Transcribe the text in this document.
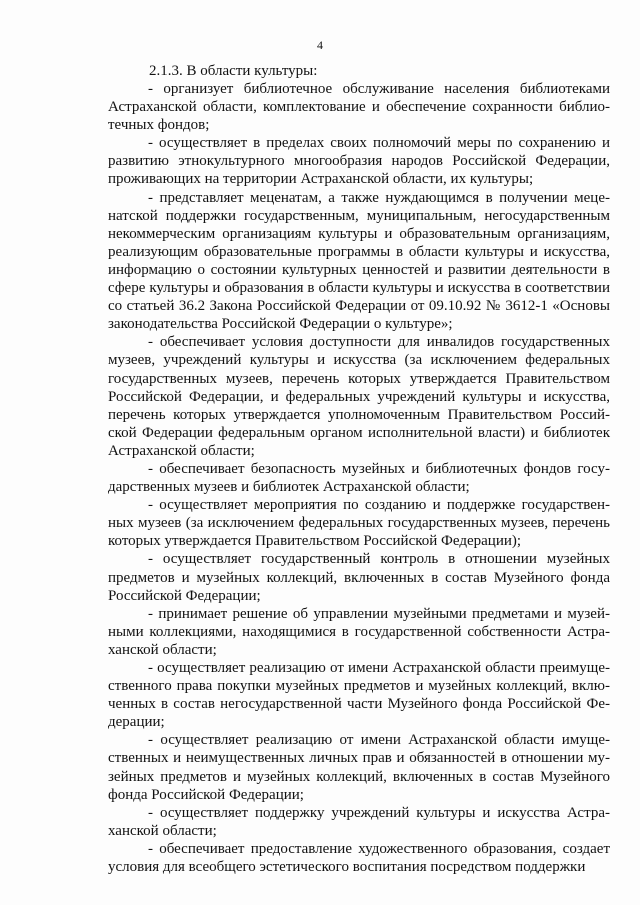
4
2.1.3. В области культуры:

- организует библиотечное обслуживание населения библиотеками Астраханской области, комплектование и обеспечение сохранности библиотечных фондов;

- осуществляет в пределах своих полномочий меры по сохранению и развитию этнокультурного многообразия народов Российской Федерации, проживающих на территории Астраханской области, их культуры;

- представляет меценатам, а также нуждающимся в получении меценатской поддержки государственным, муниципальным, негосударственным некоммерческим организациям культуры и образовательным организациям, реализующим образовательные программы в области культуры и искусства, информацию о состоянии культурных ценностей и развитии деятельности в сфере культуры и образования в области культуры и искусства в соответствии со статьей 36.2 Закона Российской Федерации от 09.10.92 № 3612-1 «Основы законодательства Российской Федерации о культуре»;

- обеспечивает условия доступности для инвалидов государственных музеев, учреждений культуры и искусства (за исключением федеральных государственных музеев, перечень которых утверждается Правительством Российской Федерации, и федеральных учреждений культуры и искусства, перечень которых утверждается уполномоченным Правительством Российской Федерации федеральным органом исполнительной власти) и библиотек Астраханской области;

- обеспечивает безопасность музейных и библиотечных фондов государственных музеев и библиотек Астраханской области;

- осуществляет мероприятия по созданию и поддержке государственных музеев (за исключением федеральных государственных музеев, перечень которых утверждается Правительством Российской Федерации);

- осуществляет государственный контроль в отношении музейных предметов и музейных коллекций, включенных в состав Музейного фонда Российской Федерации;

- принимает решение об управлении музейными предметами и музейными коллекциями, находящимися в государственной собственности Астраханской области;

- осуществляет реализацию от имени Астраханской области преимущественного права покупки музейных предметов и музейных коллекций, включенных в состав негосударственной части Музейного фонда Российской Федерации;

- осуществляет реализацию от имени Астраханской области имущественных и неимущественных личных прав и обязанностей в отношении музейных предметов и музейных коллекций, включенных в состав Музейного фонда Российской Федерации;

- осуществляет поддержку учреждений культуры и искусства Астраханской области;

- обеспечивает предоставление художественного образования, создает условия для всеобщего эстетического воспитания посредством поддержки
